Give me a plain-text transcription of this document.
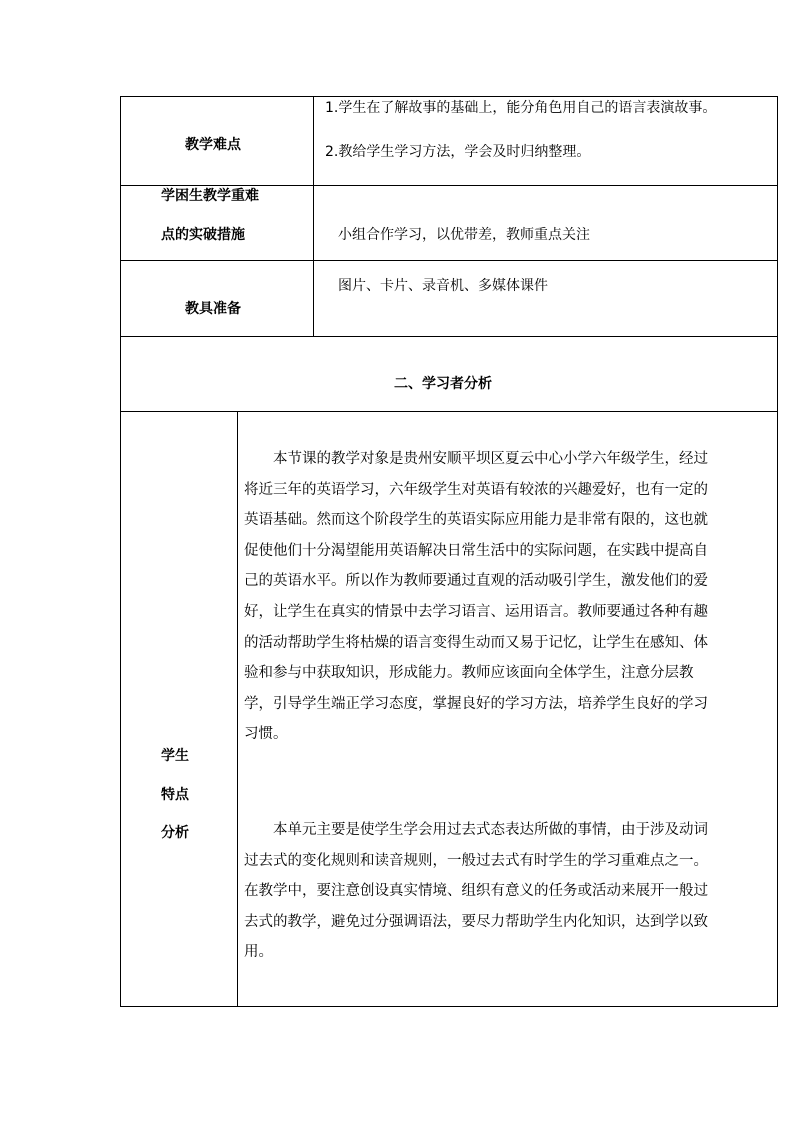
教学难点
1.学生在了解故事的基础上，能分角色用自己的语言表演故事。
2.教给学生学习方法，学会及时归纳整理。
学困生教学重难
点的实破措施	小组合作学习，以优带差，教师重点关注
教具准备
图片、卡片、录音机、多媒体课件
二、学习者分析
学生
特点
分析
本节课的教学对象是贵州安顺平坝区夏云中心小学六年级学生，经过
将近三年的英语学习，六年级学生对英语有较浓的兴趣爱好，也有一定的
英语基础。然而这个阶段学生的英语实际应用能力是非常有限的，这也就
促使他们十分渴望能用英语解决日常生活中的实际问题，在实践中提高自
己的英语水平。所以作为教师要通过直观的活动吸引学生，激发他们的爱
好，让学生在真实的情景中去学习语言、运用语言。教师要通过各种有趣
的活动帮助学生将枯燥的语言变得生动而又易于记忆，让学生在感知、体
验和参与中获取知识，形成能力。教师应该面向全体学生，注意分层教
学，引导学生端正学习态度，掌握良好的学习方法，培养学生良好的学习
习惯。
本单元主要是使学生学会用过去式态表达所做的事情，由于涉及动词
过去式的变化规则和读音规则，一般过去式有时学生的学习重难点之一。
在教学中，要注意创设真实情境、组织有意义的任务或活动来展开一般过
去式的教学，避免过分强调语法，要尽力帮助学生内化知识，达到学以致
用。
